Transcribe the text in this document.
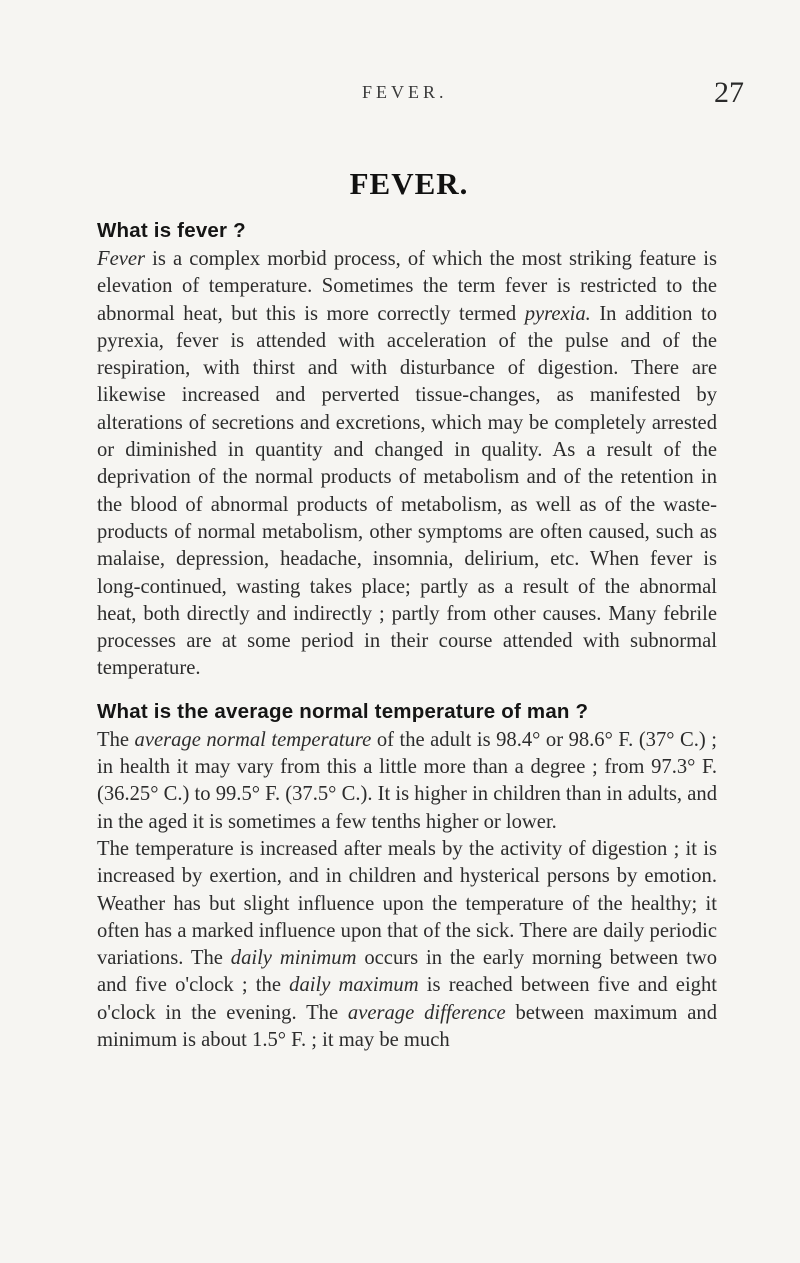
FEVER.	27
FEVER.

What is fever ?

Fever is a complex morbid process, of which the most striking feature is elevation of temperature. Sometimes the term fever is restricted to the abnormal heat, but this is more correctly termed pyrexia. In addition to pyrexia, fever is attended with acceleration of the pulse and of the respiration, with thirst and with disturbance of digestion. There are likewise increased and perverted tissue-changes, as manifested by alterations of secretions and excretions, which may be completely arrested or diminished in quantity and changed in quality. As a result of the deprivation of the normal products of metabolism and of the retention in the blood of abnormal products of metabolism, as well as of the waste-products of normal metabolism, other symptoms are often caused, such as malaise, depression, headache, insomnia, delirium, etc. When fever is long-continued, wasting takes place; partly as a result of the abnormal heat, both directly and indirectly ; partly from other causes. Many febrile processes are at some period in their course attended with subnormal temperature.

What is the average normal temperature of man ?

The average normal temperature of the adult is 98.4° or 98.6° F. (37° C.) ; in health it may vary from this a little more than a degree ; from 97.3° F. (36.25° C.) to 99.5° F. (37.5° C.). It is higher in children than in adults, and in the aged it is sometimes a few tenths higher or lower.

The temperature is increased after meals by the activity of digestion ; it is increased by exertion, and in children and hysterical persons by emotion. Weather has but slight influence upon the temperature of the healthy; it often has a marked influence upon that of the sick. There are daily periodic variations. The daily minimum occurs in the early morning between two and five o'clock ; the daily maximum is reached between five and eight o'clock in the evening. The average difference between maximum and minimum is about 1.5° F. ; it may be much
